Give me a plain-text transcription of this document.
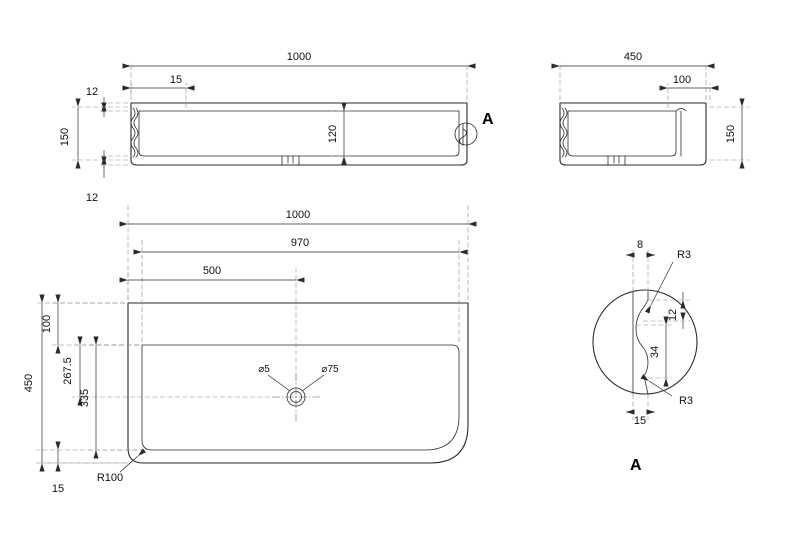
1000
15
12
150
12
120
A
450
100
150
⌀5	⌀75
1000
970
500
450
100
267.5
335
15
R100
8
R3
12
34
R3
15
A
